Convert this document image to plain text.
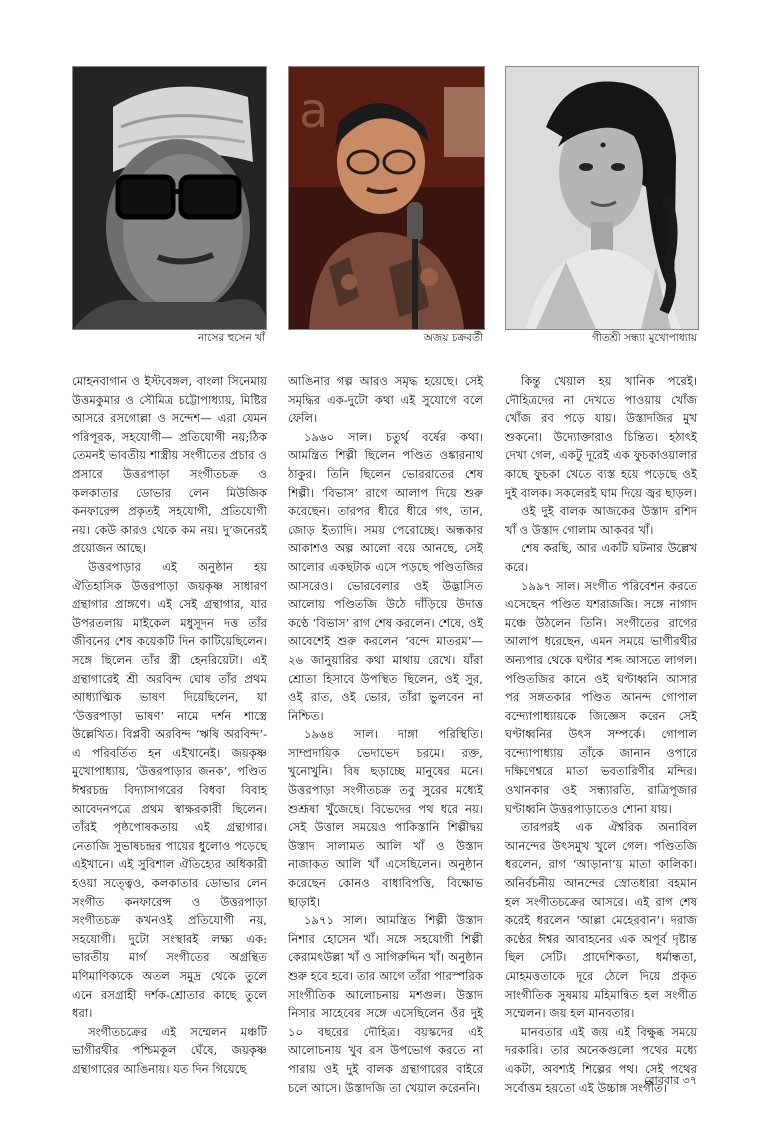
a
নাসের হুসেন খাঁ	অজয় চক্রবর্তী	গীতশ্রী সন্ধ্যা মুখোপাধ্যায়

মোহনবাগান ও ইস্টবেঙ্গল, বাংলা সিনেমায় উত্তমকুমার ও সৌমিত্র চট্টোপাধ্যায়, মিষ্টির আসরে রসগোল্লা ও সন্দেশ— এরা যেমন পরিপূরক, সহযোগী— প্রতিযোগী নয়;ঠিক তেমনই ভাবতীয় শাস্ত্রীয় সংগীতের প্রচার ও প্রসারে উত্তরপাড়া সংগীতচক্র ও কলকাতার ডোভার লেন মিউজিক কনফারেন্স প্রকৃতই সহযোগী, প্রতিযোগী নয়। কেউ কারও থেকে কম নয়। দু’জনেরই প্রয়োজন আছে।

উত্তরপাড়ার এই অনুষ্ঠান হয় ঐতিহাসিক উত্তরপাড়া জয়কৃষ্ণ সাধারণ গ্রন্থাগার প্রাঙ্গণে। এই সেই গ্রন্থাগার, যার উপরতলায় মাইকেল মধুসূদন দত্ত তাঁর জীবনের শেষ কয়েকটি দিন কাটিয়েছিলেন। সঙ্গে ছিলেন তাঁর স্ত্রী হেনরিয়েটা। এই গ্রন্থাগারেই শ্রী অরবিন্দ ঘোষ তাঁর প্রথম আধ্যাত্মিক ভাষণ দিয়েছিলেন, যা ‘উত্তরপাড়া ভাষণ’ নামে দর্শন শাস্ত্রে উল্লেখিত। বিপ্লবী অরবিন্দ ‘ঋষি অরবিন্দ’-এ পরিবর্তিত হন এইখানেই। জয়কৃষ্ণ মুখোপাধ্যায়, ‘উত্তরপাড়ার জনক’, পণ্ডিত ঈশ্বরচন্দ্র বিদ্যাসাগরের বিধবা বিবাহ আবেদনপত্রে প্রথম স্বাক্ষরকারী ছিলেন। তাঁরই পৃষ্ঠপোষকতায় এই গ্রন্থাগার। নেতাজি সুভাষচন্দ্রর পায়ের ধুলোও পড়েছে এইখানে। এই সুবিশাল ঐতিহ্যের অধিকারী হওয়া সত্ত্বেও, কলকাতার ডোভার লেন সংগীত কনফারেন্স ও উত্তরপাড়া সংগীতচক্র কখনওই প্রতিযোগী নয়, সহযোগী। দুটো সংস্থারই লক্ষ্য এক: ভারতীয় মার্গ সংগীতের অগ্রন্থিত মণিমাণিক্যকে অতল সমুদ্র থেকে তুলে এনে রসগ্রাহী দর্শক-শ্রোতার কাছে তুলে ধরা।

সংগীতচক্রের এই সম্মেলন মঞ্চটি ভাগীরথীর পশ্চিমকূল ঘেঁষে, জয়কৃষ্ণ গ্রন্থাগারের আঙিনায়। যত দিন গিয়েছে

আঙিনার গল্প আরও সমৃদ্ধ হয়েছে। সেই সমৃদ্ধির এক-দুটো কথা এই সুযোগে বলে ফেলি।

১৯৬০ সাল। চতুর্থ বর্ষের কথা। আমন্ত্রিত শিল্পী ছিলেন পণ্ডিত ওঙ্কারনাথ ঠাকুর। তিনি ছিলেন ভোররাতের শেষ শিল্পী। ‘বিভাস’ রাগে আলাপ দিয়ে শুরু করেছেন। তারপর ধীরে ধীরে গৎ, তান, জোড় ইত্যাদি। সময় পেরোচ্ছে। অন্ধকার আকাশও অল্প আলো বয়ে আনছে, সেই আলোর একছটাক এসে পড়ছে পণ্ডিতজির আসরেও। ভোরবেলার ওই উদ্ভাসিত আলোয় পণ্ডিতজি উঠে দাঁড়িয়ে উদাত্ত কণ্ঠে ‘বিভাস’ রাগ শেষ করলেন। শেষে, ওই আবেশেই শুরু করলেন ‘বন্দে মাতরম’— ২৬ জানুয়ারির কথা মাথায় রেখে। যাঁরা শ্রোতা হিসাবে উপস্থিত ছিলেন, ওই সুর, ওই রাত, ওই ভোর, তাঁরা ভুলবেন না নিশ্চিত।

১৯৬৪ সাল। দাঙ্গা পরিস্থিতি। সাম্প্রদায়িক ভেদাভেদ চরমে। রক্ত, খুনোখুনি। বিষ ছড়াচ্ছে মানুষের মনে। উত্তরপাড়া সংগীতচক্র তবু সুরের মধ্যেই শুশ্রূষা খুঁজেছে। বিভেদের পথ ধরে নয়। সেই উত্তাল সময়েও পাকিস্তানি শিল্পীদ্বয় উস্তাদ সালামত আলি খাঁ ও উস্তাদ নাজাকত আলি খাঁ এসেছিলেন। অনুষ্ঠান করেছেন কোনও বাধাবিপত্তি, বিক্ষোভ ছাড়াই।

১৯৭১ সাল। আমন্ত্রিত শিল্পী উস্তাদ নিশার হোসেন খাঁ। সঙ্গে সহযোগী শিল্পী কেরামৎউল্লা খাঁ ও সাগিরুদ্দিন খাঁ। অনুষ্ঠান শুরু হবে হবে। তার আগে তাঁরা পারস্পরিক সাংগীতিক আলোচনায় মশগুল। উস্তাদ নিসার সাহেবের সঙ্গে এসেছিলেন ওঁর দুই ১০ বছরের দৌহিত্র। বয়স্কদের এই আলোচনায় খুব রস উপভোগ করতে না পারায় ওই দুই বালক গ্রন্থাগারের বাইরে চলে আসে। উস্তাদজি তা খেয়াল করেননি।

কিন্তু খেয়াল হয় খানিক পরেই। দৌহিত্রদের না দেখতে পাওয়ায় খোঁজ খোঁজ রব পড়ে যায়। উস্তাদজির মুখ শুকনো। উদ্যোক্তারাও চিন্তিত। হঠাৎই দেখা গেল, একটু দূরেই এক ফুচকাওয়ালার কাছে ফুচকা খেতে ব্যস্ত হয়ে পড়েছে ওই দুই বালক। সকলেরই ঘাম দিয়ে জ্বর ছাড়ল।

ওই দুই বালক আজকের উস্তাদ রশিদ খাঁ ও উস্তাদ গোলাম আকবর খাঁ।

শেষ করছি, আর একটি ঘটনার উল্লেখ করে।

১৯৯৭ সাল। সংগীত পরিবেশন করতে এসেছেন পণ্ডিত যশরাজজি। সঙ্গে নাগাদ মঞ্চে উঠলেন তিনি। সংগীতের রাগের আলাপ ধরেছেন, এমন সময়ে ভাগীরথীর অন্যপার থেকে ঘণ্টার শব্দ আসতে লাগল। পণ্ডিতজির কানে ওই ঘণ্টাধ্বনি আসার পর সঙ্গতকার পণ্ডিত আনন্দ গোপাল বন্দ্যোপাধ্যায়কে জিজ্ঞেস করেন সেই ঘণ্টাধ্বনির উৎস সম্পর্কে। গোপাল বন্দ্যোপাধ্যায় তাঁকে জানান ওপারে দক্ষিণেশ্বরে মাতা ভবতারিণীর মন্দির। ওখানকার ওই সন্ধ্যারতি, রাত্রিপূজার ঘণ্টাধ্বনি উত্তরপাড়াতেও শোনা যায়।

তারপরই এক ঐশ্বরিক অনাবিল আনন্দের উৎসমুখ খুলে গেল। পণ্ডিতজি ধরলেন, রাগ ‘আড়ানা’য় মাতা কালিকা। অনির্বচনীয় আনন্দের স্রোতধারা বহমান হল সংগীতচক্রের আসরে। এই রাগ শেষ করেই ধরলেন ‘আল্লা মেহেরবান’। দরাজ কণ্ঠের ঈশ্বর আবাহনের এক অপূর্ব দৃষ্টান্ত ছিল সেটি। প্রাদেশিকতা, ধর্মান্ধতা, মোহমত্ততাকে দূরে ঠেলে দিয়ে প্রকৃত সাংগীতিক সুষমায় মহিমান্বিত হল সংগীত সম্মেলন। জয় হল মানবতার।

মানবতার এই জয় এই বিক্ষুব্ধ সময়ে দরকারি। তার অনেকগুলো পথের মধ্যে একটা, অবশ্যই শিল্পের পথ। সেই পথের সর্বোত্তম হয়তো এই উচ্চাঙ্গ সংগীত।

রোববার ৩৭
